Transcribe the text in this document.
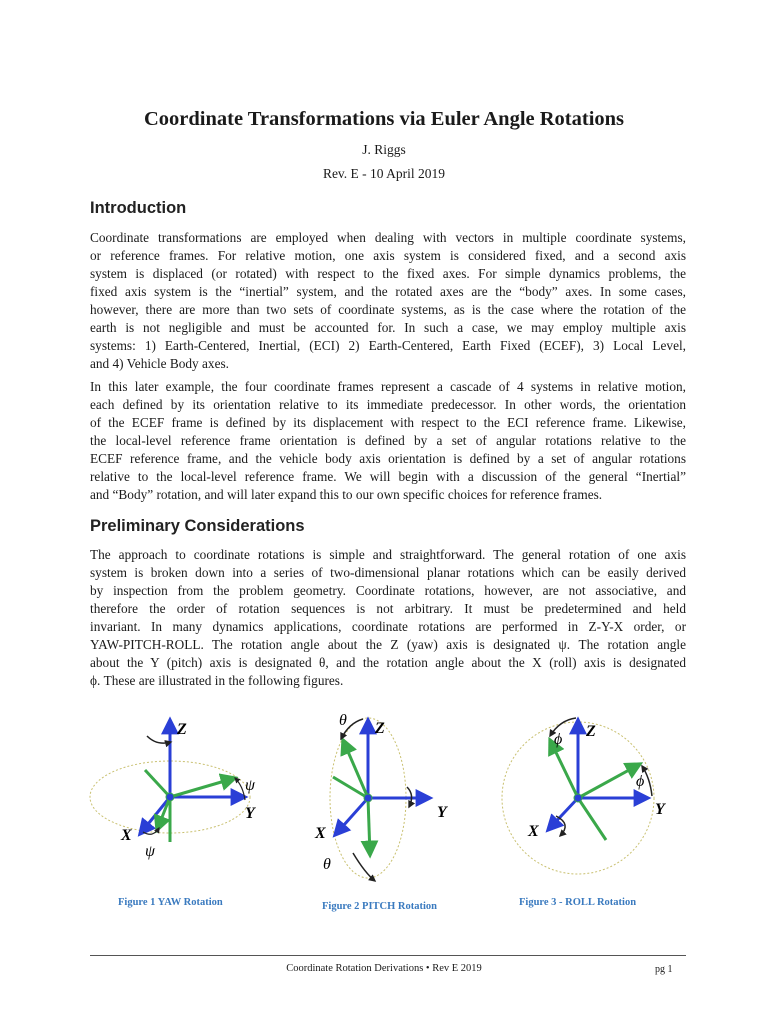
Coordinate Transformations via Euler Angle Rotations
J. Riggs
Rev. E - 10 April 2019
Introduction
Coordinate transformations are employed when dealing with vectors in multiple coordinate systems,
or reference frames. For relative motion, one axis system is considered fixed, and a second axis
system is displaced (or rotated) with respect to the fixed axes. For simple dynamics problems, the
fixed axis system is the “inertial” system, and the rotated axes are the “body” axes. In some cases,
however, there are more than two sets of coordinate systems, as is the case where the rotation of the
earth is not negligible and must be accounted for. In such a case, we may employ multiple axis
systems: 1) Earth-Centered, Inertial, (ECI) 2) Earth-Centered, Earth Fixed (ECEF), 3) Local Level,
and 4) Vehicle Body axes.
In this later example, the four coordinate frames represent a cascade of 4 systems in relative motion,
each defined by its orientation relative to its immediate predecessor. In other words, the orientation
of the ECEF frame is defined by its displacement with respect to the ECI reference frame. Likewise,
the local-level reference frame orientation is defined by a set of angular rotations relative to the
ECEF reference frame, and the vehicle body axis orientation is defined by a set of angular rotations
relative to the local-level reference frame. We will begin with a discussion of the general “Inertial”
and “Body” rotation, and will later expand this to our own specific choices for reference frames.
Preliminary Considerations
The approach to coordinate rotations is simple and straightforward. The general rotation of one axis
system is broken down into a series of two-dimensional planar rotations which can be easily derived
by inspection from the problem geometry. Coordinate rotations, however, are not associative, and
therefore the order of rotation sequences is not arbitrary. It must be predetermined and held
invariant. In many dynamics applications, coordinate rotations are performed in Z-Y-X order, or
YAW-PITCH-ROLL. The rotation angle about the Z (yaw) axis is designated ψ. The rotation angle
about the Y (pitch) axis is designated θ, and the rotation angle about the X (roll) axis is designated
ϕ. These are illustrated in the following figures.
Z
Y
X
ψ
ψ
Figure 1 YAW Rotation
θ Z
Y
X
θ
Figure 2 PITCH Rotation
ϕ Z
Y
ϕ
X
Figure 3 - ROLL Rotation
Coordinate Rotation Derivations • Rev E 2019	pg 1
